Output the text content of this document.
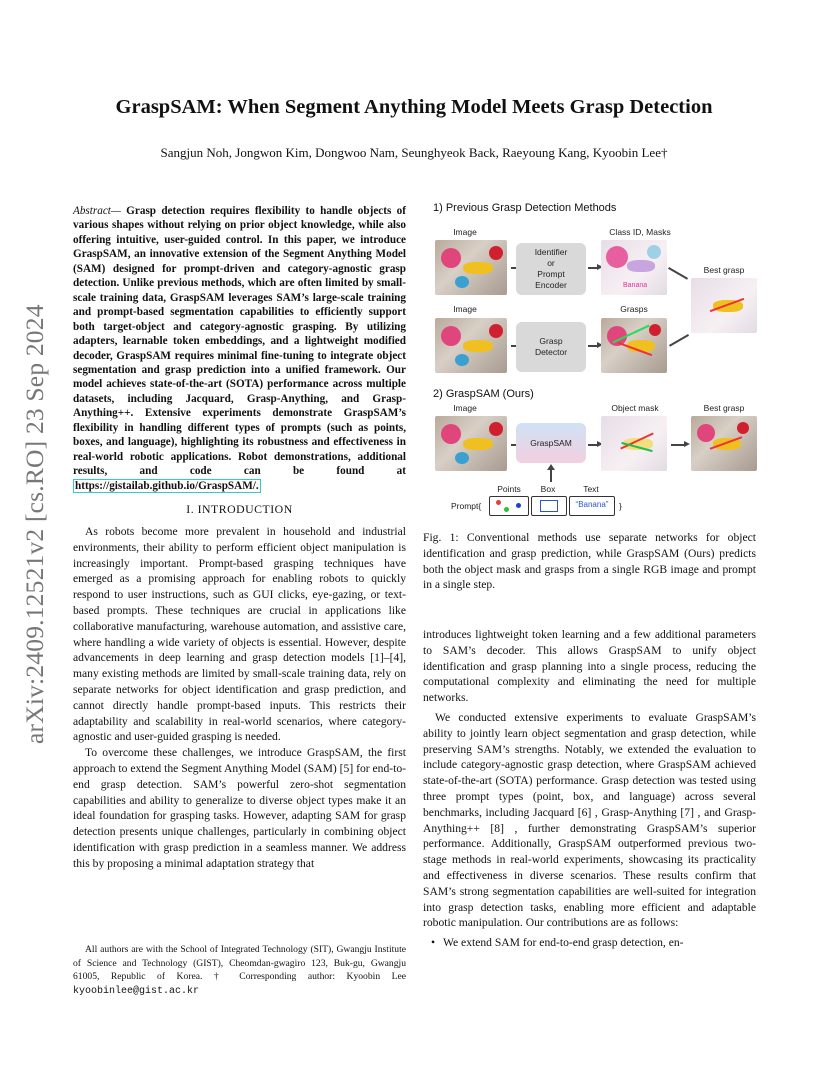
GraspSAM: When Segment Anything Model Meets Grasp Detection
Sangjun Noh, Jongwon Kim, Dongwoo Nam, Seunghyeok Back, Raeyoung Kang, Kyoobin Lee†
arXiv:2409.12521v2 [cs.RO] 23 Sep 2024
Abstract— Grasp detection requires flexibility to handle objects of various shapes without relying on prior object knowledge, while also offering intuitive, user-guided control. In this paper, we introduce GraspSAM, an innovative extension of the Segment Anything Model (SAM) designed for prompt-driven and category-agnostic grasp detection. Unlike previous methods, which are often limited by small-scale training data, GraspSAM leverages SAM’s large-scale training and prompt-based segmentation capabilities to efficiently support both target-object and category-agnostic grasping. By utilizing adapters, learnable token embeddings, and a lightweight modified decoder, GraspSAM requires minimal fine-tuning to integrate object segmentation and grasp prediction into a unified framework. Our model achieves state-of-the-art (SOTA) performance across multiple datasets, including Jacquard, Grasp-Anything, and Grasp-Anything++. Extensive experiments demonstrate GraspSAM’s flexibility in handling different types of prompts (such as points, boxes, and language), highlighting its robustness and effectiveness in real-world robotic applications. Robot demonstrations, additional results, and code can be found at https://gistailab.github.io/GraspSAM/.
I. INTRODUCTION

As robots become more prevalent in household and industrial environments, their ability to perform efficient object manipulation is increasingly important. Prompt-based grasping techniques have emerged as a promising approach for enabling robots to quickly respond to user instructions, such as GUI clicks, eye-gazing, or text-based prompts. These techniques are crucial in applications like collaborative manufacturing, warehouse automation, and assistive care, where handling a wide variety of objects is essential. However, despite advancements in deep learning and grasp detection models [1]–[4], many existing methods are limited by small-scale training data, rely on separate networks for object identification and grasp prediction, and cannot directly handle prompt-based inputs. This restricts their adaptability and scalability in real-world scenarios, where category-agnostic and user-guided grasping is needed.

To overcome these challenges, we introduce GraspSAM, the first approach to extend the Segment Anything Model (SAM) [5] for end-to-end grasp detection. SAM’s powerful zero-shot segmentation capabilities and ability to generalize to diverse object types make it an ideal foundation for grasping tasks. However, adapting SAM for grasp detection presents unique challenges, particularly in combining object identification with grasp prediction in a seamless manner. We address this by proposing a minimal adaptation strategy that

All authors are with the School of Integrated Technology (SIT), Gwangju Institute of Science and Technology (GIST), Cheomdan-gwagiro 123, Buk-gu, Gwangju 61005, Republic of Korea. † Corresponding author: Kyoobin Lee kyoobinlee@gist.ac.kr
1) Previous Grasp Detection Methods
Image
Identifier
or
Prompt
Encoder
Class ID, Masks
Banana
Image
Grasp
Detector
Grasps
Best grasp
2) GraspSAM (Ours)
Image
GraspSAM
Object mask	Best grasp
Prompt{
Points	Box	Text
“Banana”	}
Fig. 1: Conventional methods use separate networks for object identification and grasp prediction, while GraspSAM (Ours) predicts both the object mask and grasps from a single RGB image and prompt in a single step.

introduces lightweight token learning and a few additional parameters to SAM’s decoder. This allows GraspSAM to unify object identification and grasp planning into a single process, reducing the computational complexity and eliminating the need for multiple networks.

We conducted extensive experiments to evaluate GraspSAM’s ability to jointly learn object segmentation and grasp detection, while preserving SAM’s strengths. Notably, we extended the evaluation to include category-agnostic grasp detection, where GraspSAM achieved state-of-the-art (SOTA) performance. Grasp detection was tested using three prompt types (point, box, and language) across several benchmarks, including Jacquard [6] , Grasp-Anything [7] , and Grasp-Anything++ [8] , further demonstrating GraspSAM’s superior performance. Additionally, GraspSAM outperformed previous two-stage methods in real-world experiments, showcasing its practicality and effectiveness in diverse scenarios. These results confirm that SAM’s strong segmentation capabilities are well-suited for integration into grasp detection tasks, enabling more efficient and adaptable robotic manipulation. Our contributions are as follows:

• We extend SAM for end-to-end grasp detection, en-
